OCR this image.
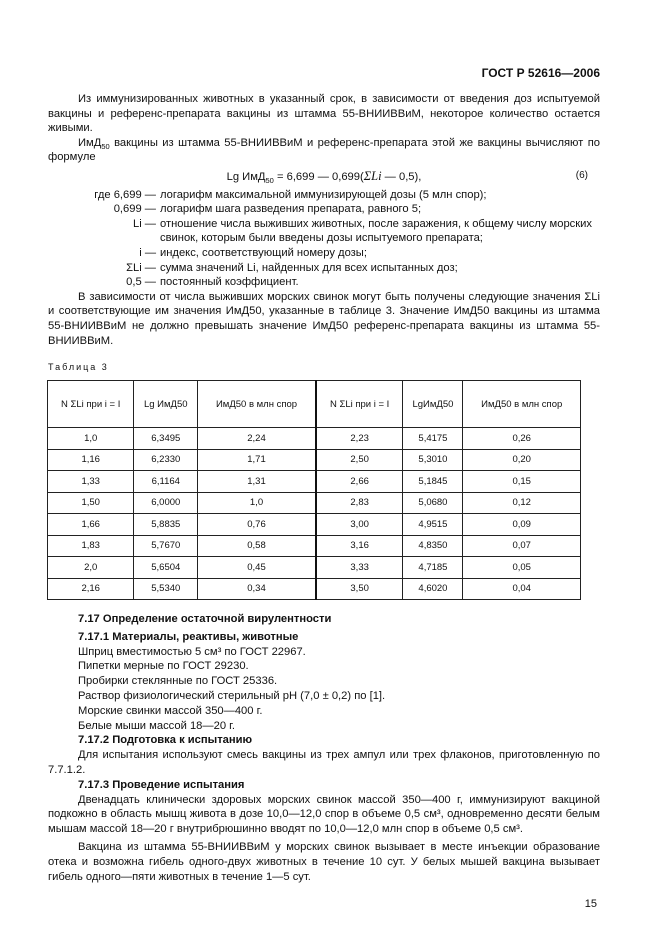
ГОСТ Р 52616—2006

Из иммунизированных животных в указанный срок, в зависимости от введения доз испытуемой вакцины и референс-препарата вакцины из штамма 55-ВНИИВВиМ, некоторое количество остается живыми.

ИмД$_{50}$ вакцины из штамма 55-ВНИИВВиМ и референс-препарата этой же вакцины вычисляют по формуле

Lg ИмД$_{50}$ = 6,699 — 0,699(ΣLi — 0,5),	(6)
где 6,699 — логарифм максимальной иммунизирующей дозы (5 млн спор);
0,699 — логарифм шага разведения препарата, равного 5;
Li — отношение числа выживших животных, после заражения, к общему числу морских свинок, которым были введены дозы испытуемого препарата;
i — индекс, соответствующий номеру дозы;
ΣLi — сумма значений Li, найденных для всех испытанных доз;
0,5 — постоянный коэффициент.

В зависимости от числа выживших морских свинок могут быть получены следующие значения ΣLi и соответствующие им значения ИмД50, указанные в таблице 3. Значение ИмД50 вакцины из штамма 55-ВНИИВВиМ не должно превышать значение ИмД50 референс-препарата вакцины из штамма 55-ВНИИВВиМ.

Таблица 3
N ΣLi при i = I	Lg ИмД50	ИмД50 в млн спор	N ΣLi при i = I	LgИмД50	ИмД50 в млн спор
1,0	6,3495	2,24	2,23	5,4175	0,26
1,16	6,2330	1,71	2,50	5,3010	0,20
1,33	6,1164	1,31	2,66	5,1845	0,15
1,50	6,0000	1,0	2,83	5,0680	0,12
1,66	5,8835	0,76	3,00	4,9515	0,09
1,83	5,7670	0,58	3,16	4,8350	0,07
2,0	5,6504	0,45	3,33	4,7185	0,05
2,16	5,5340	0,34	3,50	4,6020	0,04
7.17 Определение остаточной вирулентности
7.17.1 Материалы, реактивы, животные
Шприц вместимостью 5 см³ по ГОСТ 22967.
Пипетки мерные по ГОСТ 29230.
Пробирки стеклянные по ГОСТ 25336.
Раствор физиологический стерильный pH (7,0 ± 0,2) по [1].
Морские свинки массой 350—400 г.
Белые мыши массой 18—20 г.
7.17.2 Подготовка к испытанию

Для испытания используют смесь вакцины из трех ампул или трех флаконов, приготовленную по 7.7.1.2.

7.17.3 Проведение испытания

Двенадцать клинически здоровых морских свинок массой 350—400 г, иммунизируют вакциной подкожно в область мышц живота в дозе 10,0—12,0 спор в объеме 0,5 см³, одновременно десяти белым мышам массой 18—20 г внутрибрюшинно вводят по 10,0—12,0 млн спор в объеме 0,5 см³.

Вакцина из штамма 55-ВНИИВВиМ у морских свинок вызывает в месте инъекции образование отека и возможна гибель одного-двух животных в течение 10 сут. У белых мышей вакцина вызывает гибель одного—пяти животных в течение 1—5 сут.

15
